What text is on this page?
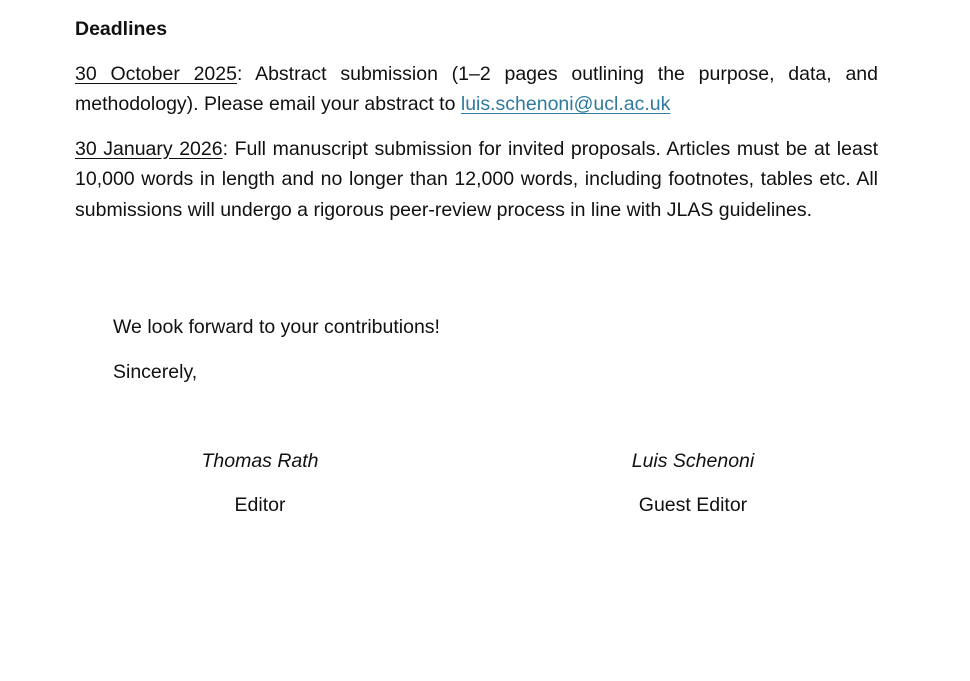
Deadlines

30 October 2025: Abstract submission (1–2 pages outlining the purpose, data, and methodology). Please email your abstract to luis.schenoni@ucl.ac.uk

30 January 2026: Full manuscript submission for invited proposals. Articles must be at least 10,000 words in length and no longer than 12,000 words, including footnotes, tables etc. All submissions will undergo a rigorous peer-review process in line with JLAS guidelines.

We look forward to your contributions!
Sincerely,
Thomas Rath
Editor
Luis Schenoni
Guest Editor
